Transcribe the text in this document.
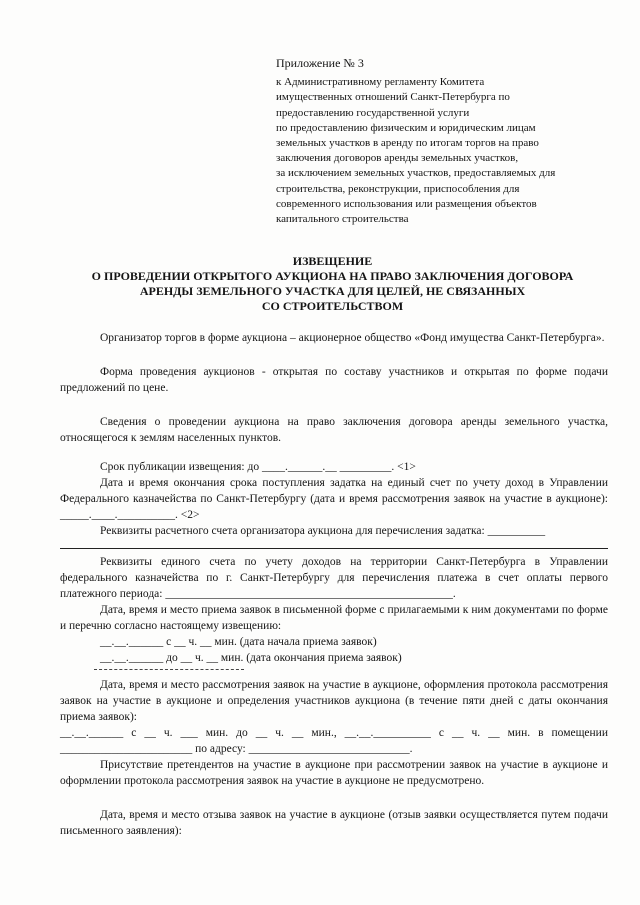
Приложение № 3
к Административному регламенту Комитета
имущественных отношений Санкт-Петербурга по
предоставлению государственной услуги
по предоставлению физическим и юридическим лицам
земельных участков в аренду по итогам торгов на право
заключения договоров аренды земельных участков,
за исключением земельных участков, предоставляемых для
строительства, реконструкции, приспособления для
современного использования или размещения объектов
капитального строительства
ИЗВЕЩЕНИЕ
О ПРОВЕДЕНИИ ОТКРЫТОГО АУКЦИОНА НА ПРАВО ЗАКЛЮЧЕНИЯ ДОГОВОРА
АРЕНДЫ ЗЕМЕЛЬНОГО УЧАСТКА ДЛЯ ЦЕЛЕЙ, НЕ СВЯЗАННЫХ
СО СТРОИТЕЛЬСТВОМ

Организатор торгов в форме аукциона – акционерное общество «Фонд имущества Санкт-Петербурга».

Форма проведения аукционов - открытая по составу участников и открытая по форме подачи предложений по цене.

Сведения о проведении аукциона на право заключения договора аренды земельного участка, относящегося к землям населенных пунктов.

Срок публикации извещения: до ____.______.__ _________. <1>

Дата и время окончания срока поступления задатка на единый счет по учету доход в Управлении Федерального казначейства по Санкт-Петербургу (дата и время рассмотрения заявок на участие в аукционе): _____.____.__________. <2>

Реквизиты расчетного счета организатора аукциона для перечисления задатка: __________

Реквизиты единого счета по учету доходов на территории Санкт-Петербурга в Управлении федерального казначейства по г. Санкт-Петербургу для перечисления платежа в счет оплаты первого платежного периода: __________________________________________________.

Дата, время и место приема заявок в письменной форме с прилагаемыми к ним документами по форме и перечню согласно настоящему извещению:

__.__.______ с __ ч. __ мин. (дата начала приема заявок)

__.__.______ до __ ч. __ мин. (дата окончания приема заявок)

Дата, время и место рассмотрения заявок на участие в аукционе, оформления протокола рассмотрения заявок на участие в аукционе и определения участников аукциона (в течение пяти дней с даты окончания приема заявок):

__.__.______ с __ ч. ___ мин. до __ ч. __ мин., __.__.__________ с __ ч. __ мин. в помещении _______________________ по адресу: ____________________________.

Присутствие претендентов на участие в аукционе при рассмотрении заявок на участие в аукционе и оформлении протокола рассмотрения заявок на участие в аукционе не предусмотрено.

Дата, время и место отзыва заявок на участие в аукционе (отзыв заявки осуществляется путем подачи письменного заявления):
